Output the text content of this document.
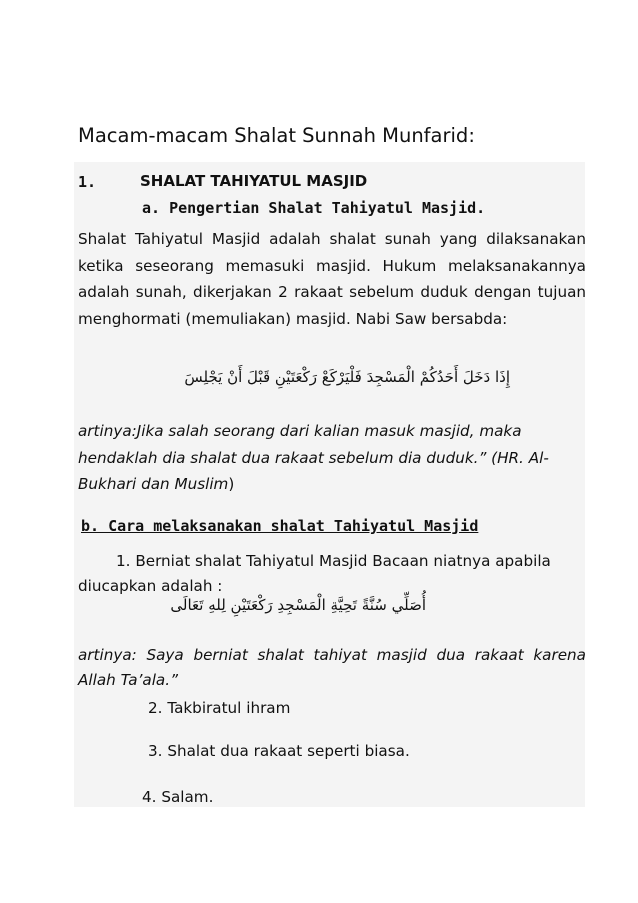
Macam-macam Shalat Sunnah Munfarid:
1.	SHALAT TAHIYATUL MASJID
a. Pengertian Shalat Tahiyatul Masjid.
Shalat Tahiyatul Masjid adalah shalat sunah yang dilaksanakan ketika seseorang memasuki masjid. Hukum melaksanakannya adalah sunah, dikerjakan 2 rakaat sebelum duduk dengan tujuan menghormati (memuliakan) masjid. Nabi Saw bersabda:
إِذَا دَخَلَ أَحَدُكُمْ الْمَسْجِدَ فَلْيَرْكَعْ رَكْعَتَيْنِ قَبْلَ أَنْ يَجْلِسَ
artinya:Jika salah seorang dari kalian masuk masjid, maka hendaklah dia shalat dua rakaat sebelum dia duduk.” (HR. Al-Bukhari dan Muslim)
b. Cara melaksanakan shalat Tahiyatul Masjid
1. Berniat shalat Tahiyatul Masjid Bacaan niatnya apabila diucapkan adalah :
أُصَلِّي سُنَّةً تَحِيَّةِ الْمَسْجِدِ رَكْعَتَيْنِ لِلهِ تَعَالَى
artinya: Saya berniat shalat tahiyat masjid dua rakaat karena Allah Ta’ala.”
2. Takbiratul ihram
3. Shalat dua rakaat seperti biasa.
4. Salam.
